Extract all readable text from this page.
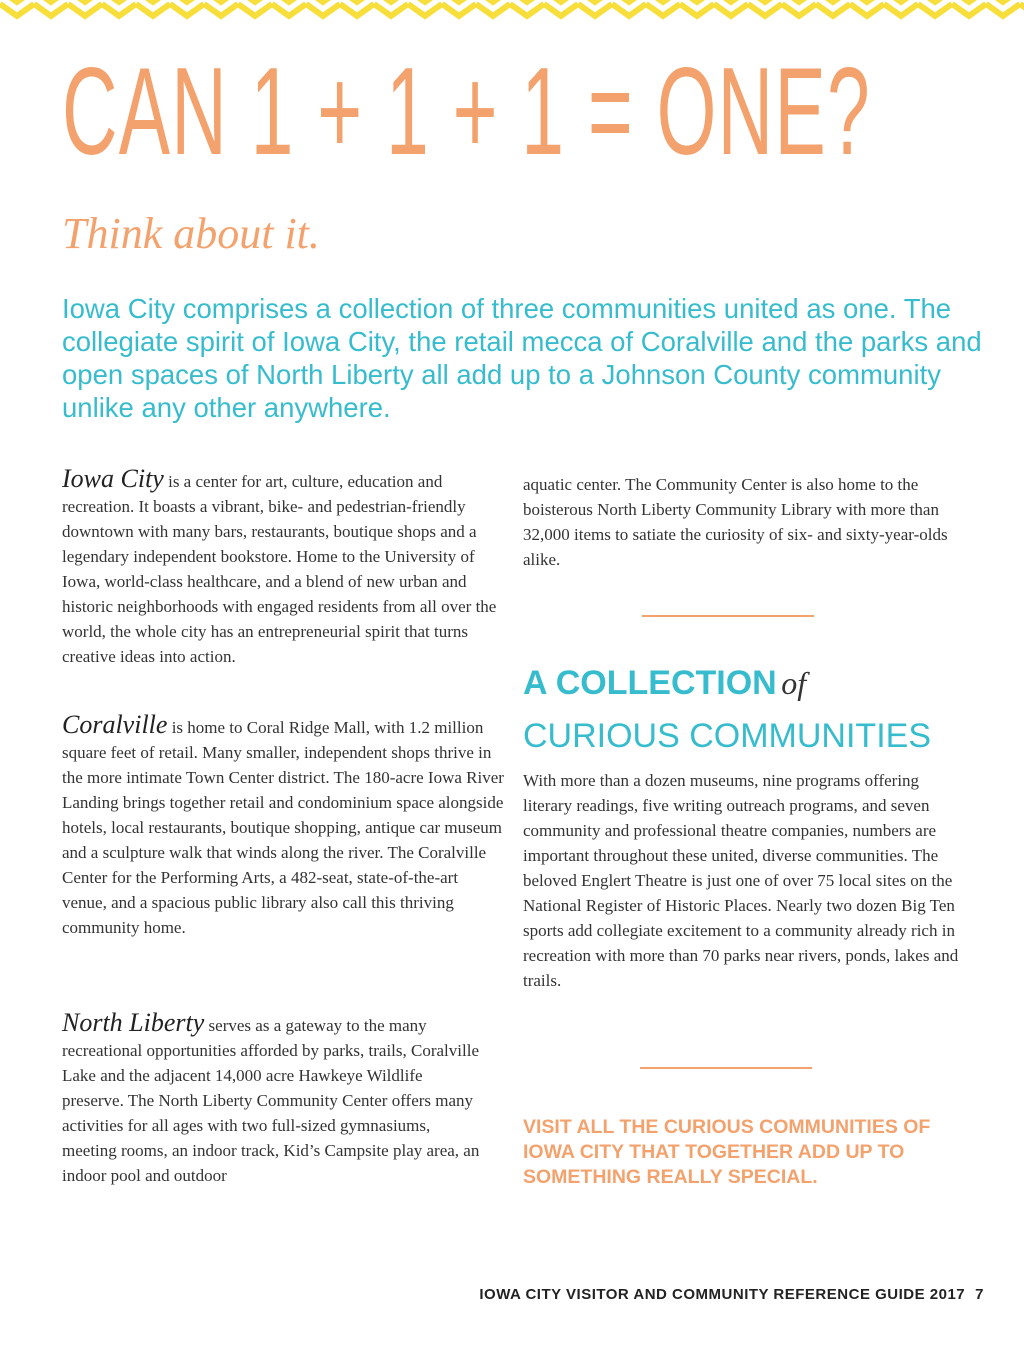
CAN 1 + 1 + 1 = ONE?
Think about it.

Iowa City comprises a collection of three communities united as one. The collegiate spirit of Iowa City, the retail mecca of Coralville and the parks and open spaces of North Liberty all add up to a Johnson County community unlike any other anywhere.

Iowa City is a center for art, culture, education and recreation. It boasts a vibrant, bike- and pedestrian-friendly downtown with many bars, restaurants, boutique shops and a legendary independent bookstore. Home to the University of Iowa, world-class healthcare, and a blend of new urban and historic neighborhoods with engaged residents from all over the world, the whole city has an entrepreneurial spirit that turns creative ideas into action.

Coralville is home to Coral Ridge Mall, with 1.2 million square feet of retail. Many smaller, independent shops thrive in the more intimate Town Center district. The 180-acre Iowa River Landing brings together retail and condominium space alongside hotels, local restaurants, boutique shopping, antique car museum and a sculpture walk that winds along the river. The Coralville Center for the Performing Arts, a 482-seat, state-of-the-art venue, and a spacious public library also call this thriving community home.

North Liberty serves as a gateway to the many recreational opportunities afforded by parks, trails, Coralville Lake and the adjacent 14,000 acre Hawkeye Wildlife preserve. The North Liberty Community Center offers many activities for all ages with two full-sized gymnasiums, meeting rooms, an indoor track, Kid’s Campsite play area, an indoor pool and outdoor

aquatic center. The Community Center is also home to the boisterous North Liberty Community Library with more than 32,000 items to satiate the curiosity of six- and sixty-year-olds alike.

A COLLECTION of
CURIOUS COMMUNITIES

With more than a dozen museums, nine programs offering literary readings, five writing outreach programs, and seven community and professional theatre companies, numbers are important throughout these united, diverse communities. The beloved Englert Theatre is just one of over 75 local sites on the National Register of Historic Places. Nearly two dozen Big Ten sports add collegiate excitement to a community already rich in recreation with more than 70 parks near rivers, ponds, lakes and trails.

VISIT ALL THE CURIOUS COMMUNITIES OF IOWA CITY THAT TOGETHER ADD UP TO SOMETHING REALLY SPECIAL.
IOWA CITY VISITOR AND COMMUNITY REFERENCE GUIDE 2017 7
